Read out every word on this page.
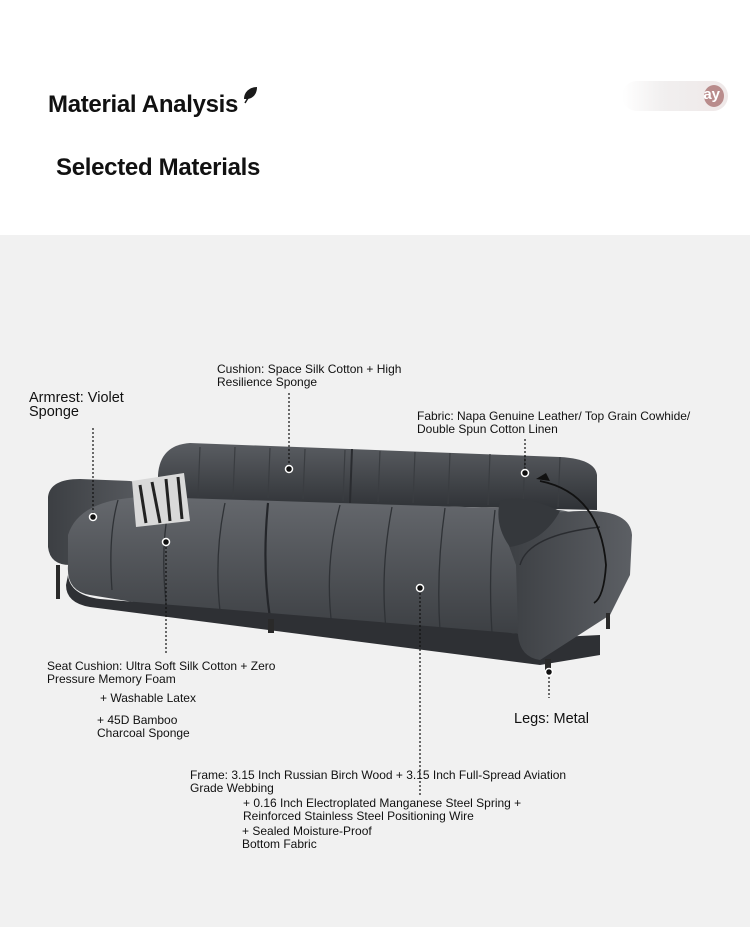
Material Analysis
Selected Materials
ay
Cushion: Space Silk Cotton + High Resilience Sponge
Armrest: Violet Sponge	Fabric: Napa Genuine Leather/ Top Grain Cowhide/ Double Spun Cotton Linen
Seat Cushion: Ultra Soft Silk Cotton + Zero Pressure Memory Foam
+ Washable Latex
+ 45D Bamboo Charcoal Sponge
Legs: Metal
Frame: 3.15 Inch Russian Birch Wood + 3.15 Inch Full-Spread Aviation Grade Webbing
+ 0.16 Inch Electroplated Manganese Steel Spring + Reinforced Stainless Steel Positioning Wire
+ Sealed Moisture-Proof Bottom Fabric
